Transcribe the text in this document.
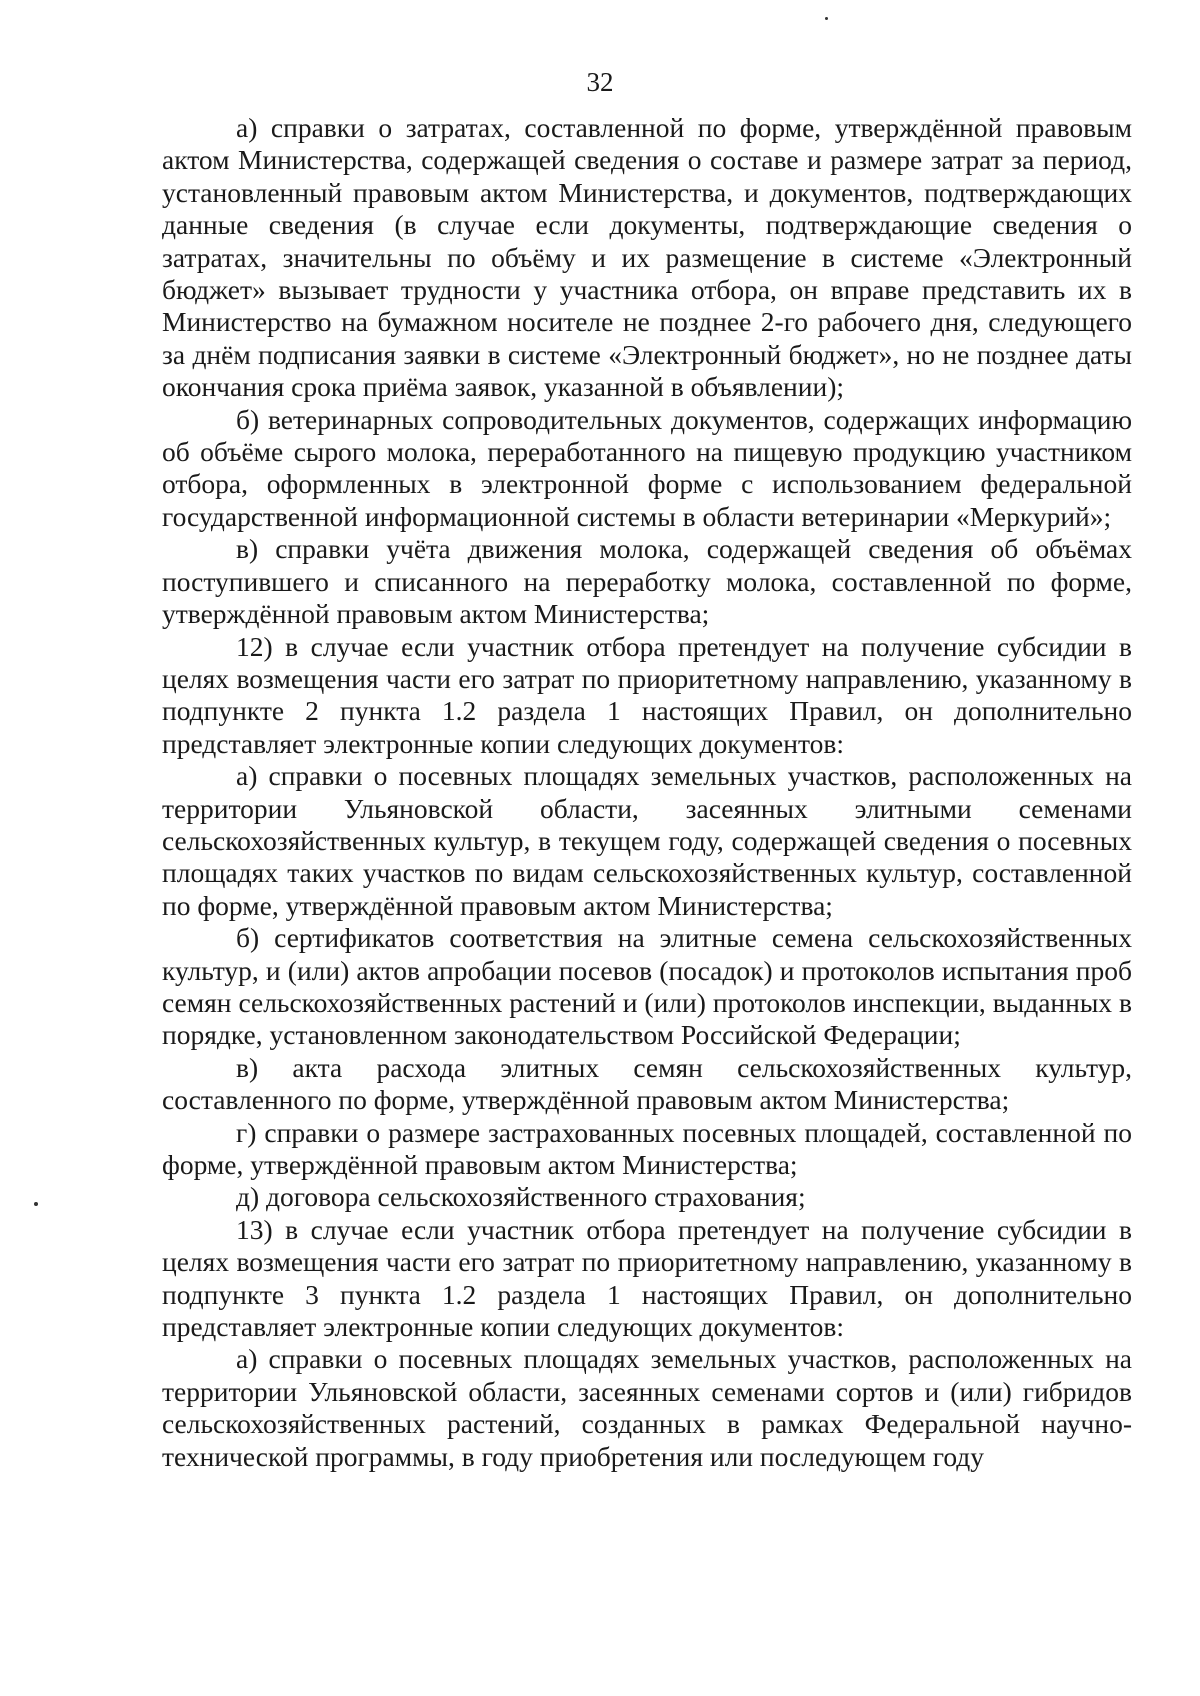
32

а) справки о затратах, составленной по форме, утверждённой правовым актом Министерства, содержащей сведения о составе и размере затрат за период, установленный правовым актом Министерства, и документов, подтверждающих данные сведения (в случае если документы, подтверждающие сведения о затратах, значительны по объёму и их размещение в системе «Электронный бюджет» вызывает трудности у участника отбора, он вправе представить их в Министерство на бумажном носителе не позднее 2-го рабочего дня, следующего за днём подписания заявки в системе «Электронный бюджет», но не позднее даты окончания срока приёма заявок, указанной в объявлении);

б) ветеринарных сопроводительных документов, содержащих информацию об объёме сырого молока, переработанного на пищевую продукцию участником отбора, оформленных в электронной форме с использованием федеральной государственной информационной системы в области ветеринарии «Меркурий»;

в) справки учёта движения молока, содержащей сведения об объёмах поступившего и списанного на переработку молока, составленной по форме, утверждённой правовым актом Министерства;

12) в случае если участник отбора претендует на получение субсидии в целях возмещения части его затрат по приоритетному направлению, указанному в подпункте 2 пункта 1.2 раздела 1 настоящих Правил, он дополнительно представляет электронные копии следующих документов:

а) справки о посевных площадях земельных участков, расположенных на территории Ульяновской области, засеянных элитными семенами сельскохозяйственных культур, в текущем году, содержащей сведения о посевных площадях таких участков по видам сельскохозяйственных культур, составленной по форме, утверждённой правовым актом Министерства;

б) сертификатов соответствия на элитные семена сельскохозяйственных культур, и (или) актов апробации посевов (посадок) и протоколов испытания проб семян сельскохозяйственных растений и (или) протоколов инспекции, выданных в порядке, установленном законодательством Российской Федерации;

в) акта расхода элитных семян сельскохозяйственных культур, составленного по форме, утверждённой правовым актом Министерства;

г) справки о размере застрахованных посевных площадей, составленной по форме, утверждённой правовым актом Министерства;

д) договора сельскохозяйственного страхования;

13) в случае если участник отбора претендует на получение субсидии в целях возмещения части его затрат по приоритетному направлению, указанному в подпункте 3 пункта 1.2 раздела 1 настоящих Правил, он дополнительно представляет электронные копии следующих документов:

а) справки о посевных площадях земельных участков, расположенных на территории Ульяновской области, засеянных семенами сортов и (или) гибридов сельскохозяйственных растений, созданных в рамках Федеральной научно-технической программы, в году приобретения или последующем году
